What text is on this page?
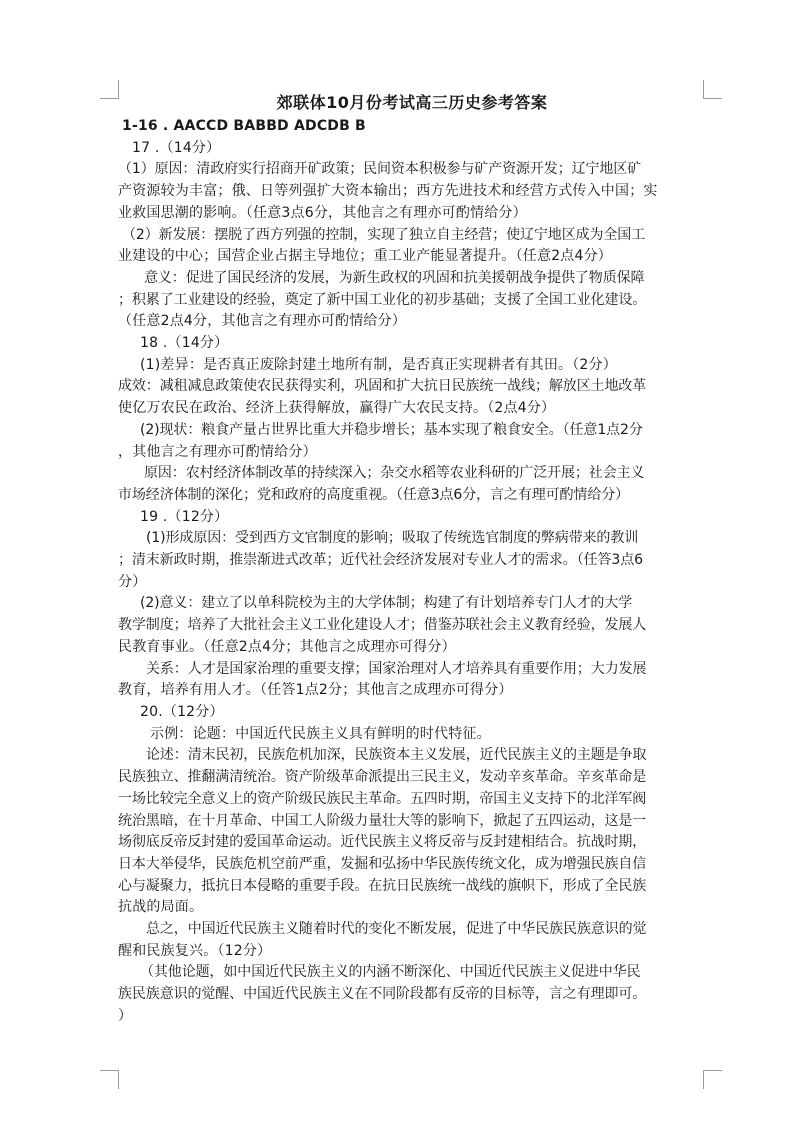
郊联体10月份考试高三历史参考答案

1-16 . AACCD BABBD ADCDB B

17 .（14分）

（1）原因：清政府实行招商开矿政策；民间资本积极参与矿产资源开发；辽宁地区矿

产资源较为丰富；俄、日等列强扩大资本输出；西方先进技术和经营方式传入中国；实

业救国思潮的影响。（任意3点6分，其他言之有理亦可酌情给分）

（2）新发展：摆脱了西方列强的控制，实现了独立自主经营；使辽宁地区成为全国工

业建设的中心；国营企业占据主导地位；重工业产能显著提升。（任意2点4分）

意义：促进了国民经济的发展，为新生政权的巩固和抗美援朝战争提供了物质保障

；积累了工业建设的经验，奠定了新中国工业化的初步基础；支援了全国工业化建设。

（任意2点4分，其他言之有理亦可酌情给分）

18 .（14分）

(1)差异：是否真正废除封建土地所有制，是否真正实现耕者有其田。（2分）

成效：减租减息政策使农民获得实利，巩固和扩大抗日民族统一战线；解放区土地改革

使亿万农民在政治、经济上获得解放，赢得广大农民支持。（2点4分）

(2)现状：粮食产量占世界比重大并稳步增长；基本实现了粮食安全。（任意1点2分

，其他言之有理亦可酌情给分）

原因：农村经济体制改革的持续深入；杂交水稻等农业科研的广泛开展；社会主义

市场经济体制的深化；党和政府的高度重视。（任意3点6分，言之有理可酌情给分）

19 .（12分）

(1)形成原因：受到西方文官制度的影响；吸取了传统选官制度的弊病带来的教训

；清末新政时期，推崇渐进式改革；近代社会经济发展对专业人才的需求。（任答3点6

分）

(2)意义：建立了以单科院校为主的大学体制；构建了有计划培养专门人才的大学

教学制度；培养了大批社会主义工业化建设人才；借鉴苏联社会主义教育经验，发展人

民教育事业。（任意2点4分；其他言之成理亦可得分）

关系：人才是国家治理的重要支撑；国家治理对人才培养具有重要作用；大力发展

教育，培养有用人才。（任答1点2分；其他言之成理亦可得分）

20.（12分）

示例：论题：中国近代民族主义具有鲜明的时代特征。

论述：清末民初，民族危机加深，民族资本主义发展，近代民族主义的主题是争取

民族独立、推翻满清统治。资产阶级革命派提出三民主义，发动辛亥革命。辛亥革命是

一场比较完全意义上的资产阶级民族民主革命。五四时期，帝国主义支持下的北洋军阀

统治黑暗，在十月革命、中国工人阶级力量壮大等的影响下，掀起了五四运动，这是一

场彻底反帝反封建的爱国革命运动。近代民族主义将反帝与反封建相结合。抗战时期，

日本大举侵华，民族危机空前严重，发掘和弘扬中华民族传统文化，成为增强民族自信

心与凝聚力，抵抗日本侵略的重要手段。在抗日民族统一战线的旗帜下，形成了全民族

抗战的局面。

总之，中国近代民族主义随着时代的变化不断发展，促进了中华民族民族意识的觉

醒和民族复兴。（12分）

（其他论题，如中国近代民族主义的内涵不断深化、中国近代民族主义促进中华民

族民族意识的觉醒、中国近代民族主义在不同阶段都有反帝的目标等，言之有理即可。

）
